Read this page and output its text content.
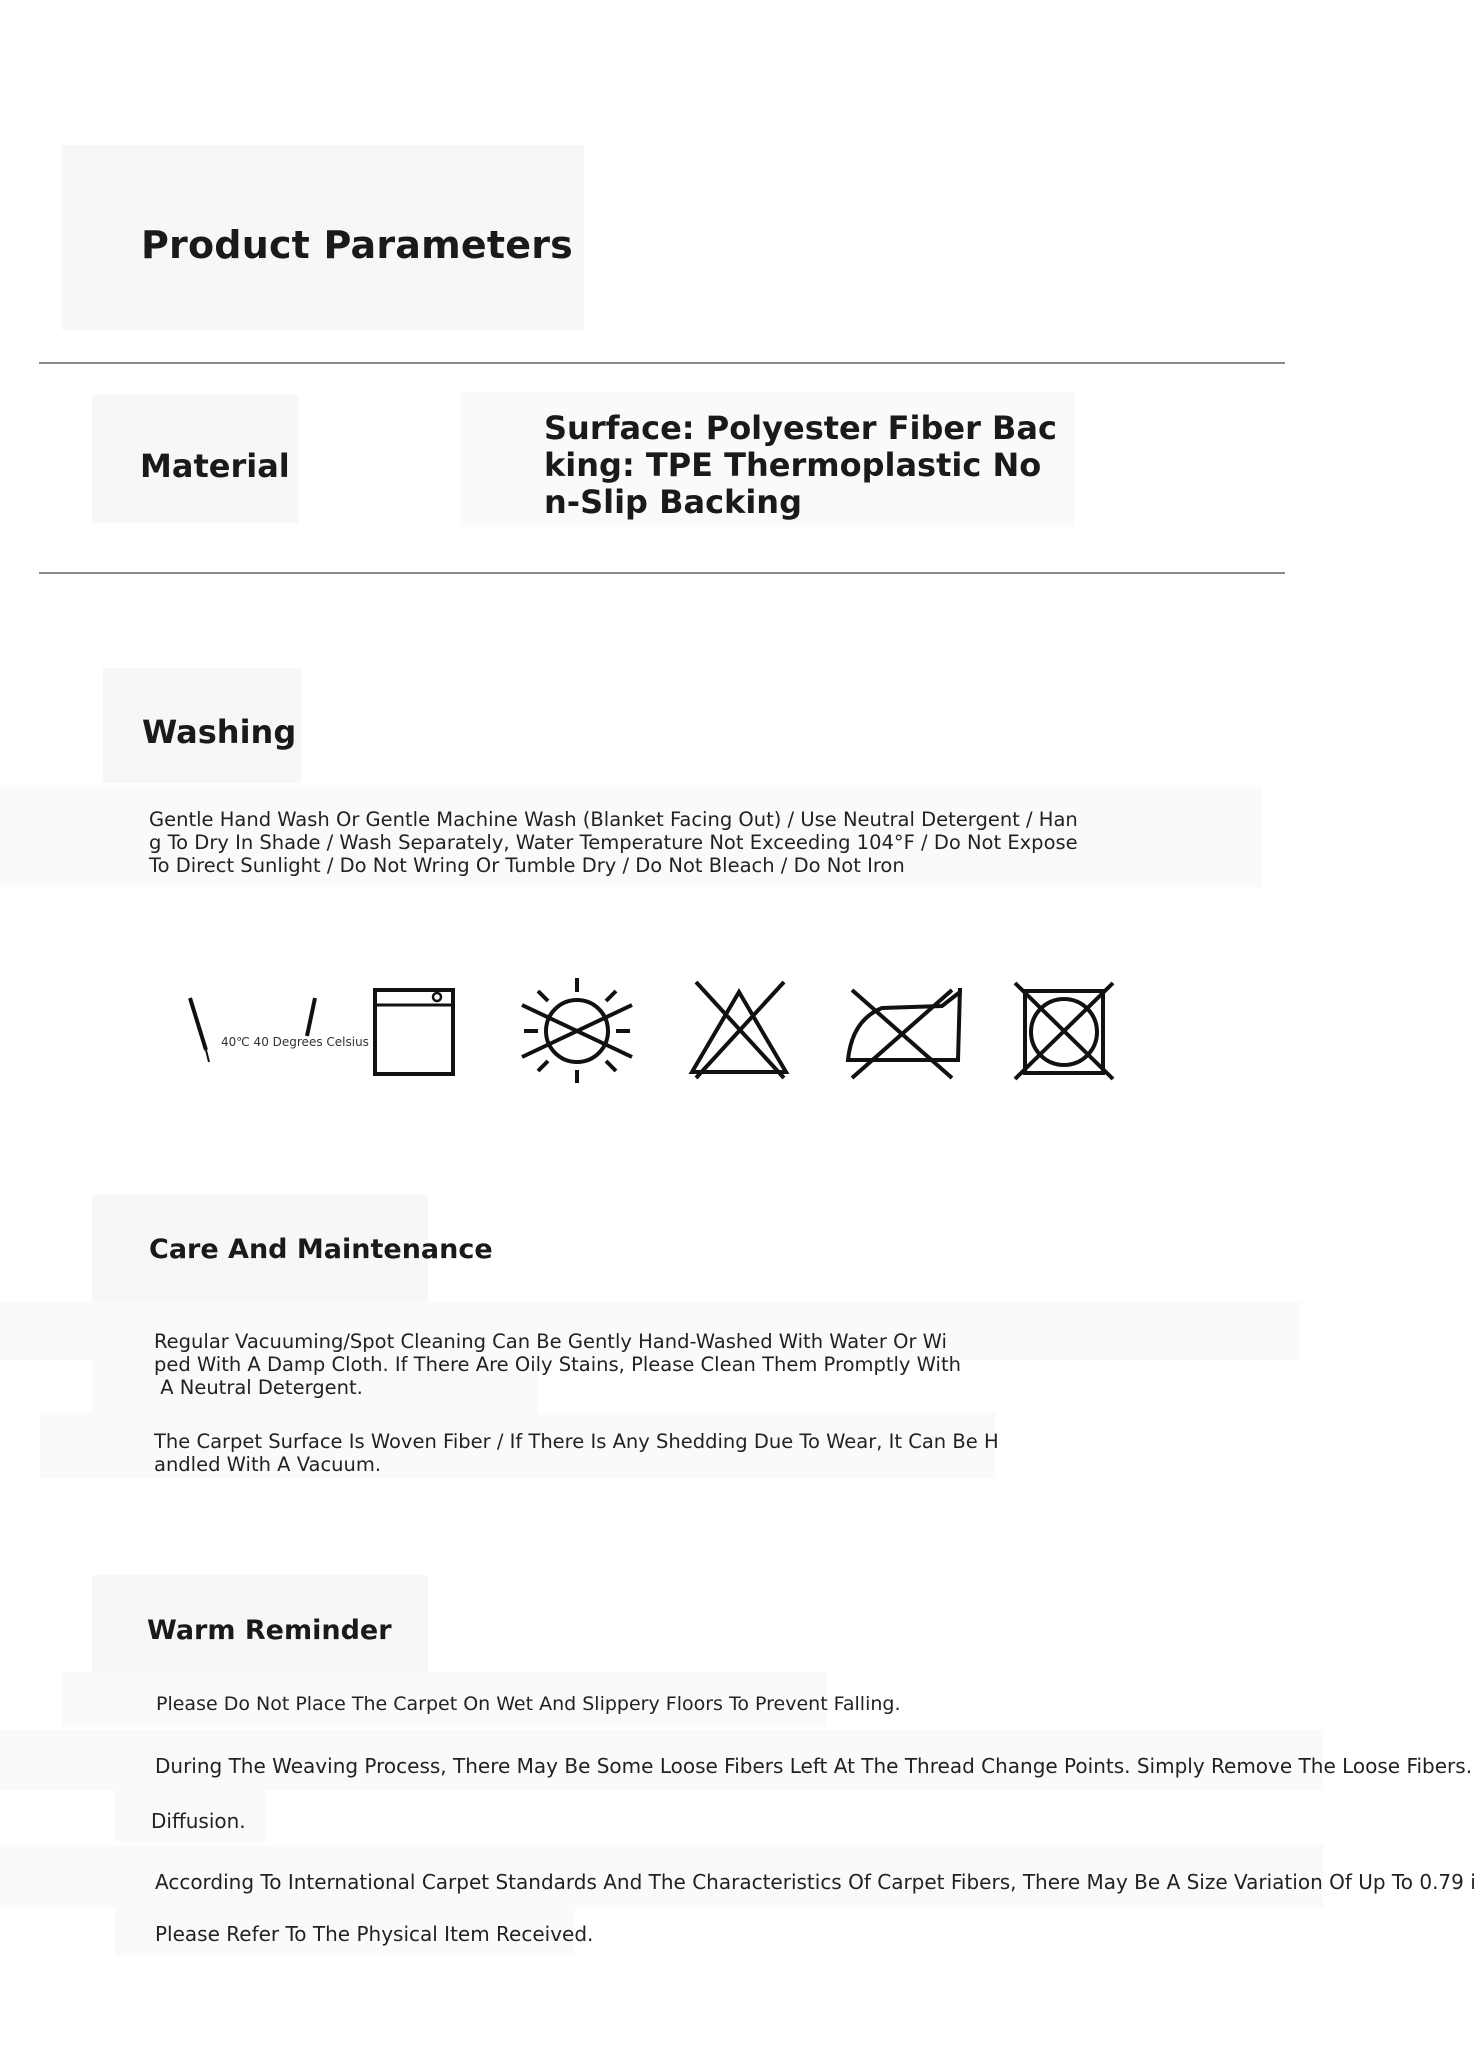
Product Parameters
Material
Surface: Polyester Fiber Bac
king: TPE Thermoplastic No
n-Slip Backing
Washing
Gentle Hand Wash Or Gentle Machine Wash (Blanket Facing Out) / Use Neutral Detergent / Han
g To Dry In Shade / Wash Separately, Water Temperature Not Exceeding 104°F / Do Not Expose
To Direct Sunlight / Do Not Wring Or Tumble Dry / Do Not Bleach / Do Not Iron
40℃ 40 Degrees Celsius
Care And Maintenance
Regular Vacuuming/Spot Cleaning Can Be Gently Hand-Washed With Water Or Wi
ped With A Damp Cloth. If There Are Oily Stains, Please Clean Them Promptly With
A Neutral Detergent.
The Carpet Surface Is Woven Fiber / If There Is Any Shedding Due To Wear, It Can Be H
andled With A Vacuum.
Warm Reminder
Please Do Not Place The Carpet On Wet And Slippery Floors To Prevent Falling.
During The Weaving Process, There May Be Some Loose Fibers Left At The Thread Change Points. Simply Remove The Loose Fibers.
Diffusion.
According To International Carpet Standards And The Characteristics Of Carpet Fibers, There May Be A Size Variation Of Up To 0.79 i
Please Refer To The Physical Item Received.
